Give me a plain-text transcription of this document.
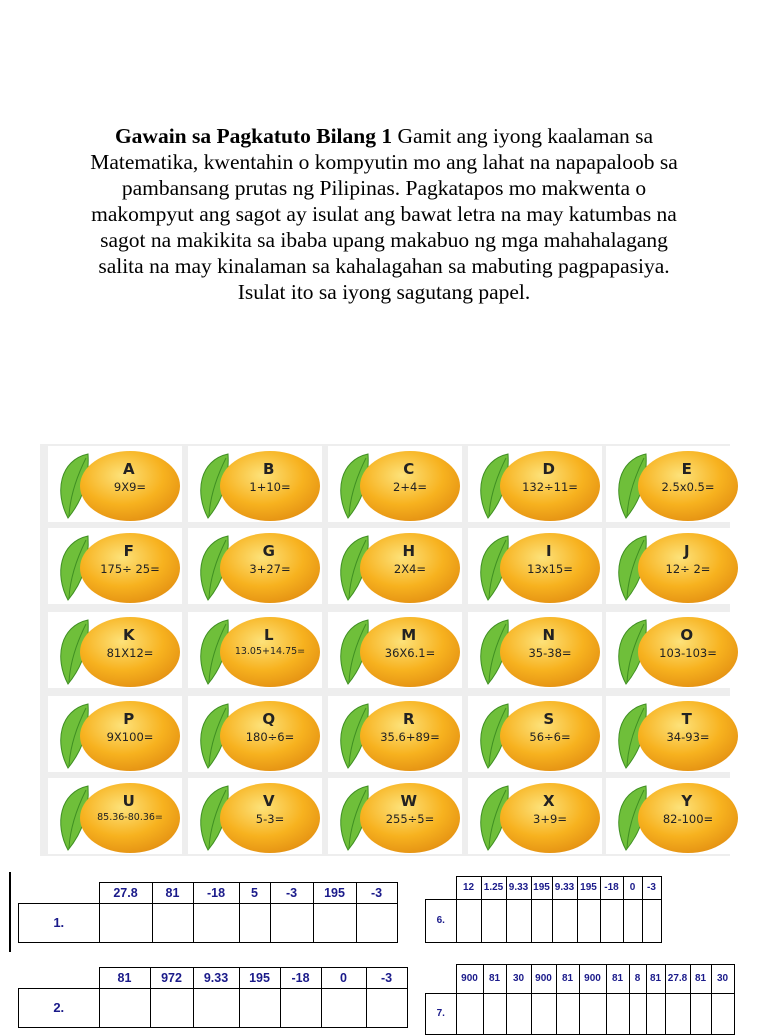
Gawain sa Pagkatuto Bilang 1 Gamit ang iyong kaalaman sa Matematika, kwentahin o kompyutin mo ang lahat na napapaloob sa pambansang prutas ng Pilipinas. Pagkatapos mo makwenta o makompyut ang sagot ay isulat ang bawat letra na may katumbas na sagot na makikita sa ibaba upang makabuo ng mga mahahalagang salita na may kinalaman sa kahalagahan sa mabuting pagpapasiya. Isulat ito sa iyong sagutang papel.
A
9X9=
B
1+10=
C
2+4=
D
132÷11=
E
2.5x0.5=
F
175÷ 25=
G
3+27=
H
2X4=
I
13x15=
J
12÷ 2=
K
81X12=
L
13.05+14.75=
M
36X6.1=
N
35-38=
O
103-103=
P
9X100=
Q
180÷6=
R
35.6+89=
S
56÷6=
T
34-93=
U
85.36-80.36=
V
5-3=
W
255÷5=
X
3+9=
Y
82-100=
	27.8	81	-18	5	-3	195	-3
1.							
	81	972	9.33	195	-18	0	-3
2.							
	12	1.25	9.33	195	9.33	195	-18	0	-3
6.									
	900	81	30	900	81	900	81	8	81	27.8	81	30
7.												
